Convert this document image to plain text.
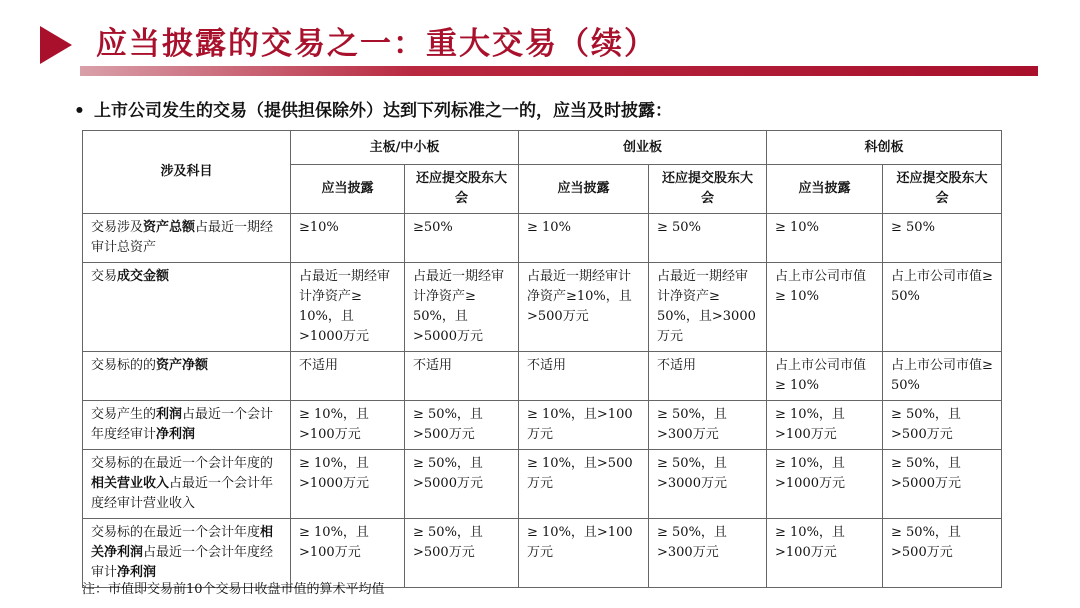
应当披露的交易之一：重大交易（续）
• 上市公司发生的交易（提供担保除外）达到下列标准之一的，应当及时披露：
涉及科目	主板/中小板		创业板		科创板	
	应当披露	还应提交股东大会	应当披露	还应提交股东大会	应当披露	还应提交股东大会
交易涉及资产总额占最近一期经审计总资产	≥10%	≥50%	≥ 10%	≥ 50%	≥ 10%	≥ 50%
交易成交金额	占最近一期经审计净资产≥ 10%，且>1000万元	占最近一期经审计净资产≥ 50%，且>5000万元	占最近一期经审计净资产≥10%，且>500万元	占最近一期经审计净资产≥ 50%，且>3000万元	占上市公司市值≥ 10%	占上市公司市值≥ 50%
交易标的的资产净额	不适用	不适用	不适用	不适用	占上市公司市值≥ 10%	占上市公司市值≥ 50%
交易产生的利润占最近一个会计年度经审计净利润	≥ 10%，且>100万元	≥ 50%，且>500万元	≥ 10%，且>100万元	≥ 50%，且>300万元	≥ 10%，且>100万元	≥ 50%，且>500万元
交易标的在最近一个会计年度的相关营业收入占最近一个会计年度经审计营业收入	≥ 10%，且>1000万元	≥ 50%，且>5000万元	≥ 10%，且>500万元	≥ 50%，且>3000万元	≥ 10%，且>1000万元	≥ 50%，且>5000万元
交易标的在最近一个会计年度相关净利润占最近一个会计年度经审计净利润	≥ 10%，且>100万元	≥ 50%，且>500万元	≥ 10%，且>100万元	≥ 50%，且>300万元	≥ 10%，且>100万元	≥ 50%，且>500万元
注：市值即交易前10个交易日收盘市值的算术平均值
